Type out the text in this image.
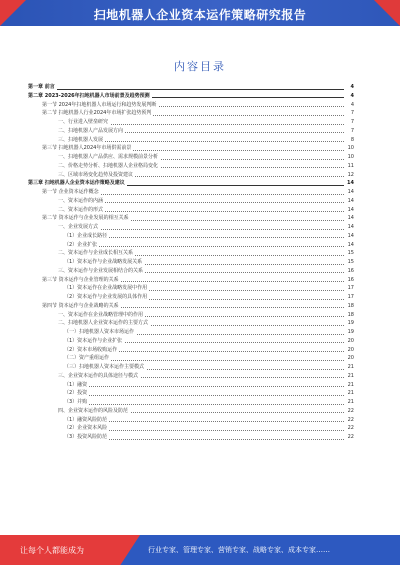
扫地机器人企业资本运作策略研究报告
内容目录
第一章 前言	4
第二章 2023-2026年扫地机器人市场前景及趋势预测	4
第一节 2024年扫地机器人市场运行和趋势发展判断	4
第二节 扫地机器人行业2024年市场扩张趋势预判	7
一、行业进入壁垒研究	7
二、扫地机器人产品发展方向	7
三、扫地机器人发展	8
第三节 扫地机器人2024年市场供需前景	10
一、扫地机器人产品供应、需求规模前景分析	10
二、价格走势分析、扫地机器人企业格局变化	11
三、区域市场变化趋势及投资建议	12
第三章 扫地机器人企业资本运作策略及建议	14
第一节 企业资本运作概念	14
一、资本运作的内涵	14
二、资本运作的形式	14
第二节 资本运作与企业发展的相互关系	14
一、企业发展方式	14
（1）企业成长路径	14
（2）企业扩张	14
二、资本运作与企业成长相互关系	15
（1）资本运作与企业战略发展关系	15
三、资本运作与企业发展相结合的关系	16
第三节 资本运作与企业管理的关系	16
（1）资本运作在企业战略发展中作用	17
（2）资本运作与企业发展的具体作用	17
第四节 资本运作与企业战略的关系	18
一、资本运作在企业战略管理中的作用	18
二、扫地机器人企业资本运作的主要方式	19
（一）扫地机器人资本市场运作	19
（1）资本运作与企业扩张	20
（2）资本市场收购运作	20
（二）资产重组运作	20
（三）扫地机器人资本运作主要模式	21
三、企业资本运作的具体途径与模式	21
（1）融资	21
（2）投资	21
（3）并购	21
四、企业资本运作的风险及防范	22
（1）融资风险防范	22
（2）企业资本风险	22
（3）投资风险防范	22
让每个人都能成为	行业专家、管理专家、营销专家、战略专家、成本专家……
